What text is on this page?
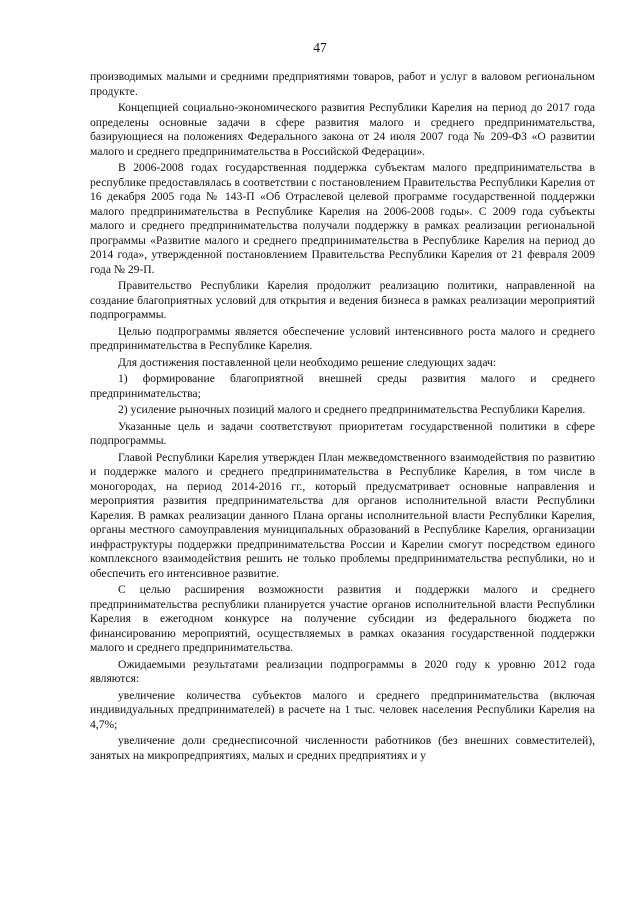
47

производимых малыми и средними предприятиями товаров, работ и услуг в валовом региональном продукте.

Концепцией социально-экономического развития Республики Карелия на период до 2017 года определены основные задачи в сфере развития малого и среднего предпринимательства, базирующиеся на положениях Федерального закона от 24 июля 2007 года № 209-ФЗ «О развитии малого и среднего предпринимательства в Российской Федерации».

В 2006-2008 годах государственная поддержка субъектам малого предпринимательства в республике предоставлялась в соответствии с постановлением Правительства Республики Карелия от 16 декабря 2005 года № 143-П «Об Отраслевой целевой программе государственной поддержки малого предпринимательства в Республике Карелия на 2006-2008 годы». С 2009 года субъекты малого и среднего предпринимательства получали поддержку в рамках реализации региональной программы «Развитие малого и среднего предпринимательства в Республике Карелия на период до 2014 года», утвержденной постановлением Правительства Республики Карелия от 21 февраля 2009 года № 29-П.

Правительство Республики Карелия продолжит реализацию политики, направленной на создание благоприятных условий для открытия и ведения бизнеса в рамках реализации мероприятий подпрограммы.

Целью подпрограммы является обеспечение условий интенсивного роста малого и среднего предпринимательства в Республике Карелия.

Для достижения поставленной цели необходимо решение следующих задач:

1) формирование благоприятной внешней среды развития малого и среднего предпринимательства;

2) усиление рыночных позиций малого и среднего предпринимательства Республики Карелия.

Указанные цель и задачи соответствуют приоритетам государственной политики в сфере подпрограммы.

Главой Республики Карелия утвержден План межведомственного взаимодействия по развитию и поддержке малого и среднего предпринимательства в Республике Карелия, в том числе в моногородах, на период 2014-2016 гг., который предусматривает основные направления и мероприятия развития предпринимательства для органов исполнительной власти Республики Карелия. В рамках реализации данного Плана органы исполнительной власти Республики Карелия, органы местного самоуправления муниципальных образований в Республике Карелия, организации инфраструктуры поддержки предпринимательства России и Карелии смогут посредством единого комплексного взаимодействия решить не только проблемы предпринимательства республики, но и обеспечить его интенсивное развитие.

С целью расширения возможности развития и поддержки малого и среднего предпринимательства республики планируется участие органов исполнительной власти Республики Карелия в ежегодном конкурсе на получение субсидии из федерального бюджета по финансированию мероприятий, осуществляемых в рамках оказания государственной поддержки малого и среднего предпринимательства.

Ожидаемыми результатами реализации подпрограммы в 2020 году к уровню 2012 года являются:

увеличение количества субъектов малого и среднего предпринимательства (включая индивидуальных предпринимателей) в расчете на 1 тыс. человек населения Республики Карелия на 4,7%;

увеличение доли среднесписочной численности работников (без внешних совместителей), занятых на микропредприятиях, малых и средних предприятиях и у
